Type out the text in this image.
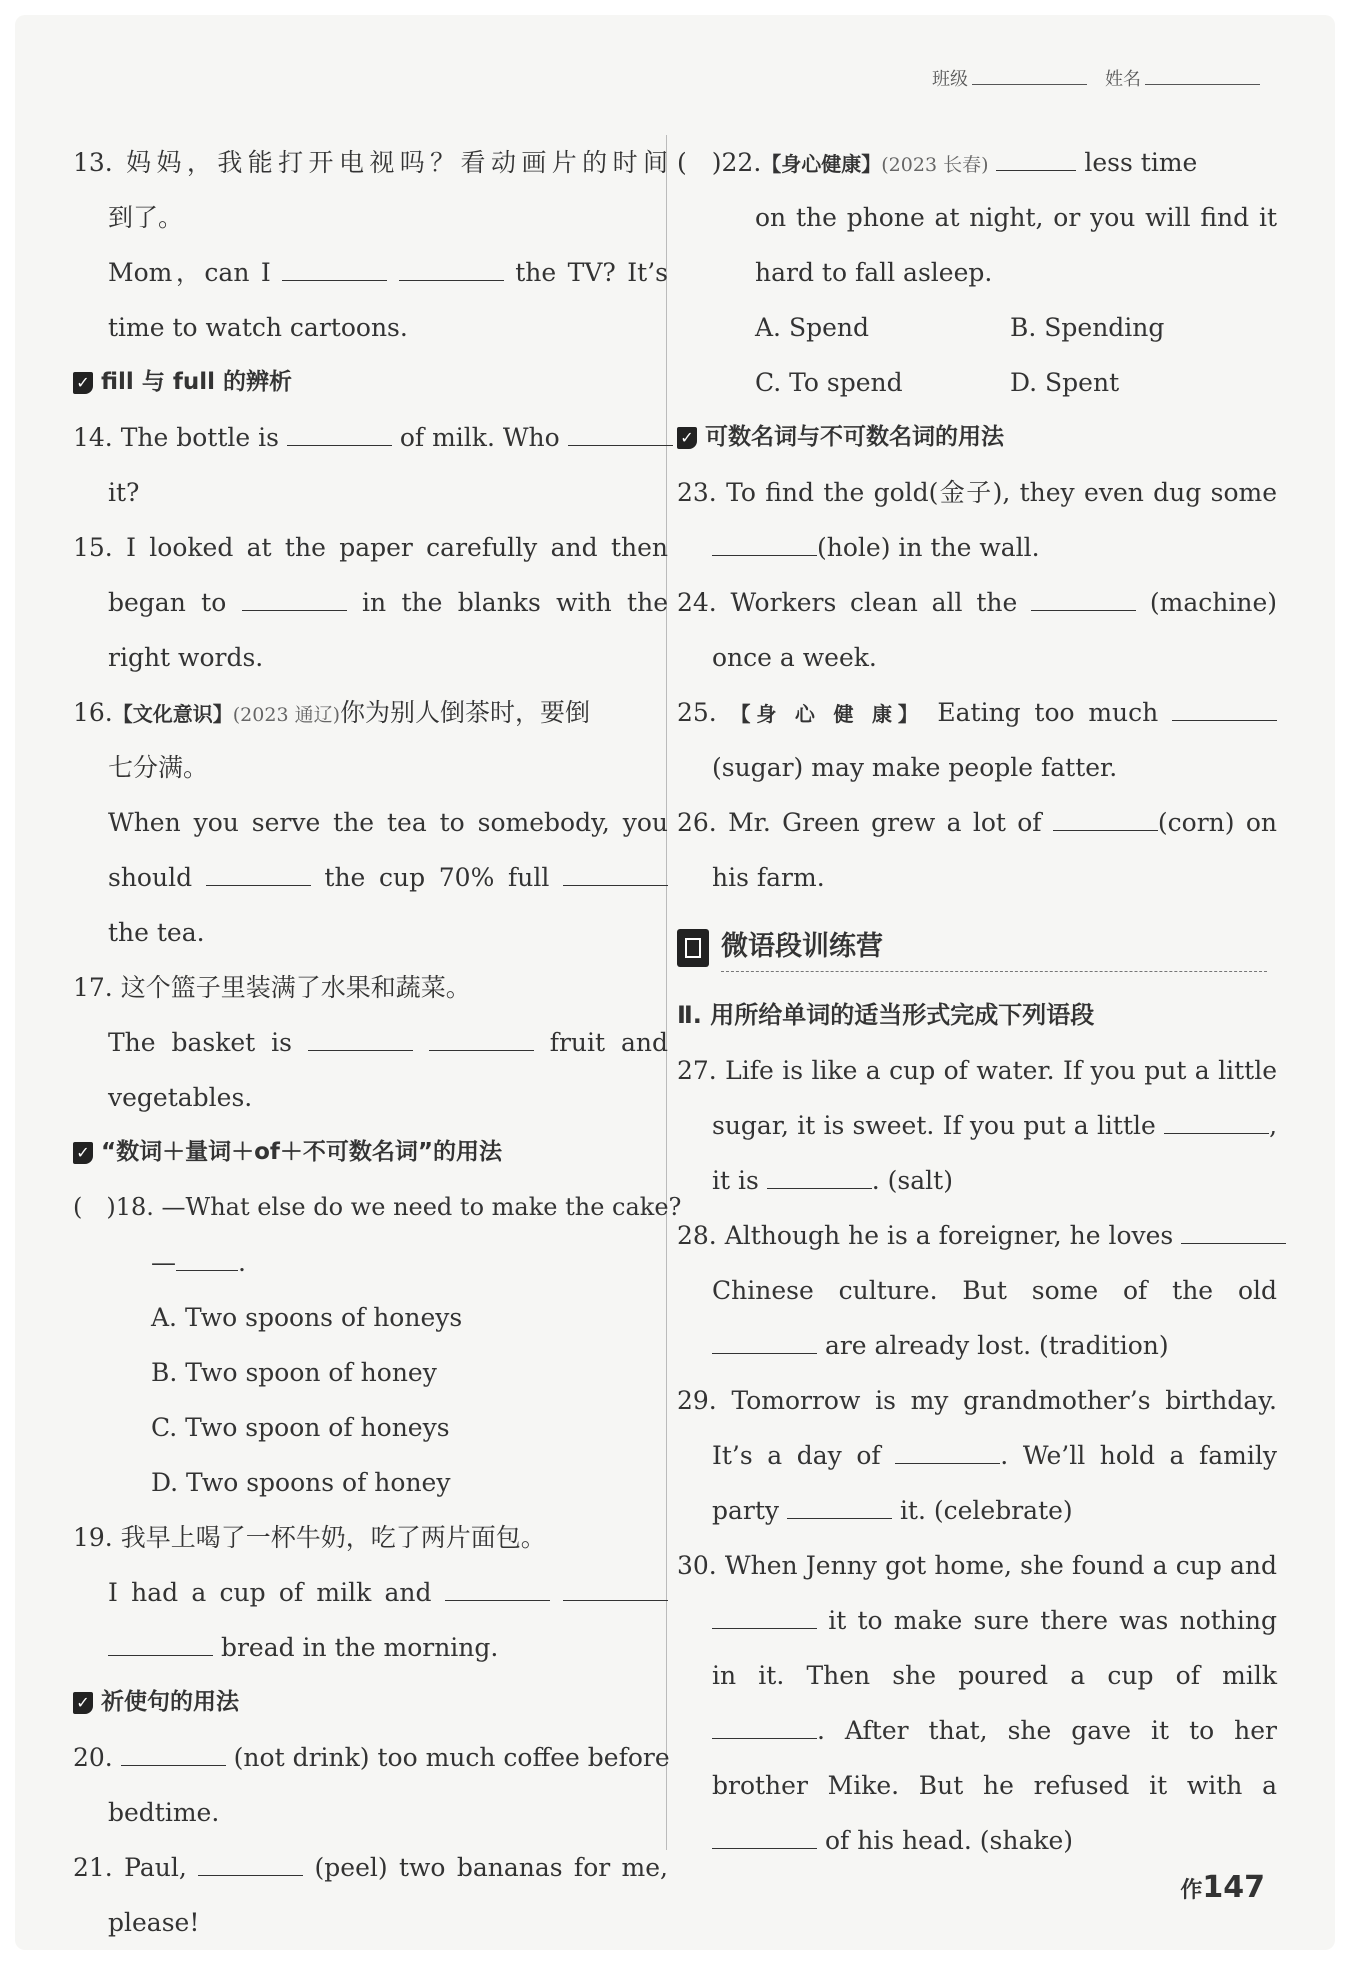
班级	姓名
13. 妈妈，我能打开电视吗？看动画片的时间
到了。
Mom，can I	the TV? It’s
time to watch cartoons.
✓ fill 与 full 的辨析
14. The bottle is	of milk. Who
it?
15. I looked at the paper carefully and then
began to	in the blanks with the
right words.
16.【文化意识】(2023 通辽)你为别人倒茶时，要倒
七分满。
When you serve the tea to somebody, you
should	the cup 70% full
the tea.
17. 这个篮子里装满了水果和蔬菜。
The basket is	fruit and
vegetables.
✓ “数词＋量词＋of＋不可数名词”的用法
(　)18. —What else do we need to make the cake?
— .
A. Two spoons of honeys
B. Two spoon of honey
C. Two spoon of honeys
D. Two spoons of honey
19. 我早上喝了一杯牛奶，吃了两片面包。
I had a cup of milk and
bread in the morning.
✓ 祈使句的用法
20.	(not drink) too much coffee before
bedtime.
21. Paul,	(peel) two bananas for me,
please!
(　)22.【身心健康】(2023 长春)	less time
on the phone at night, or you will find it
hard to fall asleep.
A. Spend	B. Spending
C. To spend	D. Spent
✓ 可数名词与不可数名词的用法
23. To find the gold(金子), they even dug some
(hole) in the wall.
24. Workers clean all the	(machine)
once a week.
25. 【身 心 健 康】 Eating too much
(sugar) may make people fatter.
26. Mr. Green grew a lot of	(corn) on
his farm.
微语段训练营
Ⅱ. 用所给单词的适当形式完成下列语段
27. Life is like a cup of water. If you put a little
sugar, it is sweet. If you put a little	,
it is	. (salt)
28. Although he is a foreigner, he loves
Chinese culture. But some of the old
are already lost. (tradition)
29. Tomorrow is my grandmother’s birthday.
It’s a day of	. We’ll hold a family
party	it. (celebrate)
30. When Jenny got home, she found a cup and
it to make sure there was nothing
in it. Then she poured a cup of milk
. After that, she gave it to her
brother Mike. But he refused it with a
of his head. (shake)
作147
